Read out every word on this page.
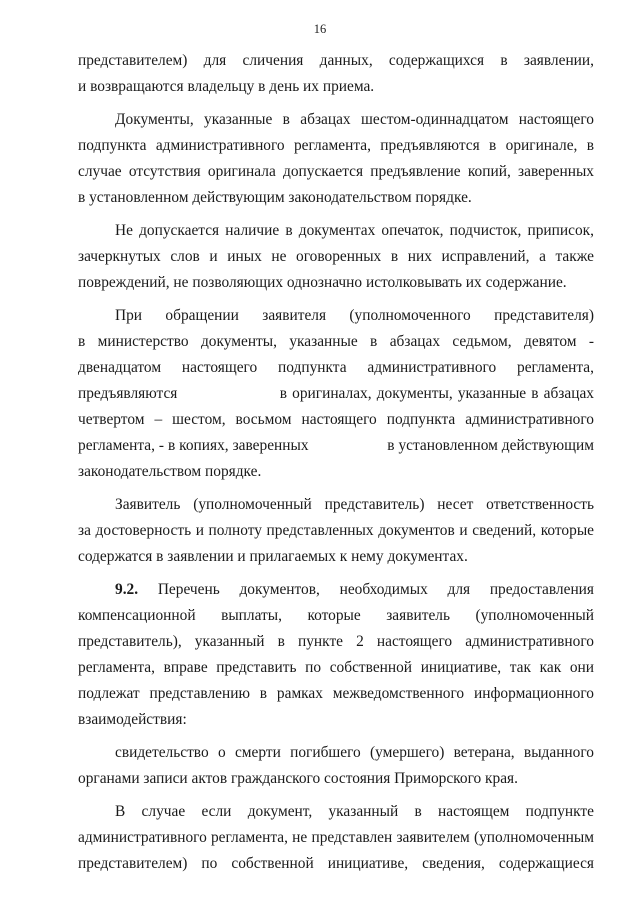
16
представителем) для сличения данных, содержащихся в заявлении,
и возвращаются владельцу в день их приема.
Документы, указанные в абзацах шестом-одиннадцатом настоящего
подпункта административного регламента, предъявляются в оригинале, в
случае отсутствия оригинала допускается предъявление копий, заверенных
в установленном действующим законодательством порядке.
Не допускается наличие в документах опечаток, подчисток, приписок,
зачеркнутых слов и иных не оговоренных в них исправлений, а также
повреждений, не позволяющих однозначно истолковывать их содержание.
При обращении заявителя (уполномоченного представителя)
в министерство документы, указанные в абзацах седьмом, девятом -
двенадцатом настоящего подпункта административного регламента,
предъявляются                    в оригиналах, документы, указанные в абзацах
четвертом – шестом, восьмом настоящего подпункта административного
регламента, - в копиях, заверенных                    в установленном действующим
законодательством порядке.
Заявитель (уполномоченный представитель) несет ответственность
за достоверность и полноту представленных документов и сведений, которые
содержатся в заявлении и прилагаемых к нему документах.
9.2. Перечень документов, необходимых для предоставления
компенсационной выплаты, которые заявитель (уполномоченный
представитель), указанный в пункте 2 настоящего административного
регламента, вправе представить по собственной инициативе, так как они
подлежат представлению в рамках межведомственного информационного
взаимодействия:
свидетельство о смерти погибшего (умершего) ветерана, выданного
органами записи актов гражданского состояния Приморского края.
В случае если документ, указанный в настоящем подпункте
административного регламента, не представлен заявителем (уполномоченным
представителем) по собственной инициативе, сведения, содержащиеся
